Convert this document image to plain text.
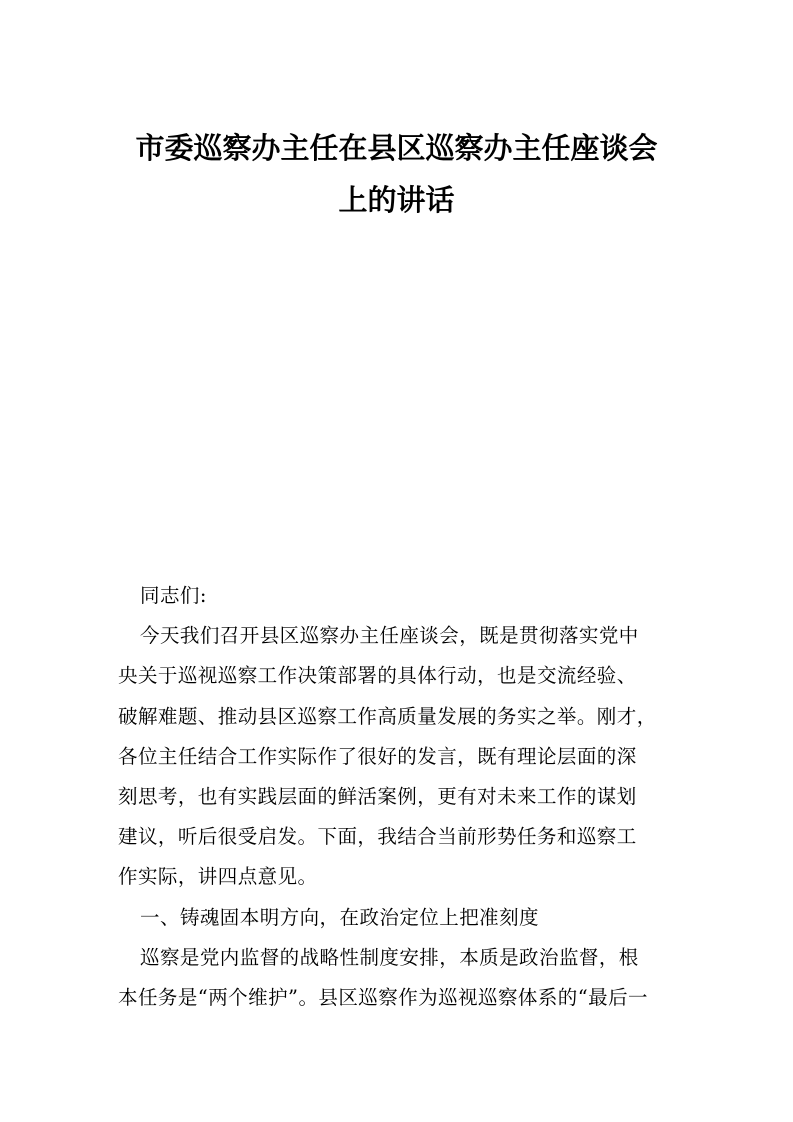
市委巡察办主任在县区巡察办主任座谈会
上的讲话

同志们:

今天我们召开县区巡察办主任座谈会，既是贯彻落实党中

央关于巡视巡察工作决策部署的具体行动，也是交流经验、

破解难题、推动县区巡察工作高质量发展的务实之举。刚才，

各位主任结合工作实际作了很好的发言，既有理论层面的深

刻思考，也有实践层面的鲜活案例，更有对未来工作的谋划

建议，听后很受启发。下面，我结合当前形势任务和巡察工

作实际，讲四点意见。

一、铸魂固本明方向，在政治定位上把准刻度

巡察是党内监督的战略性制度安排，本质是政治监督，根

本任务是“两个维护”。县区巡察作为巡视巡察体系的“最后一
